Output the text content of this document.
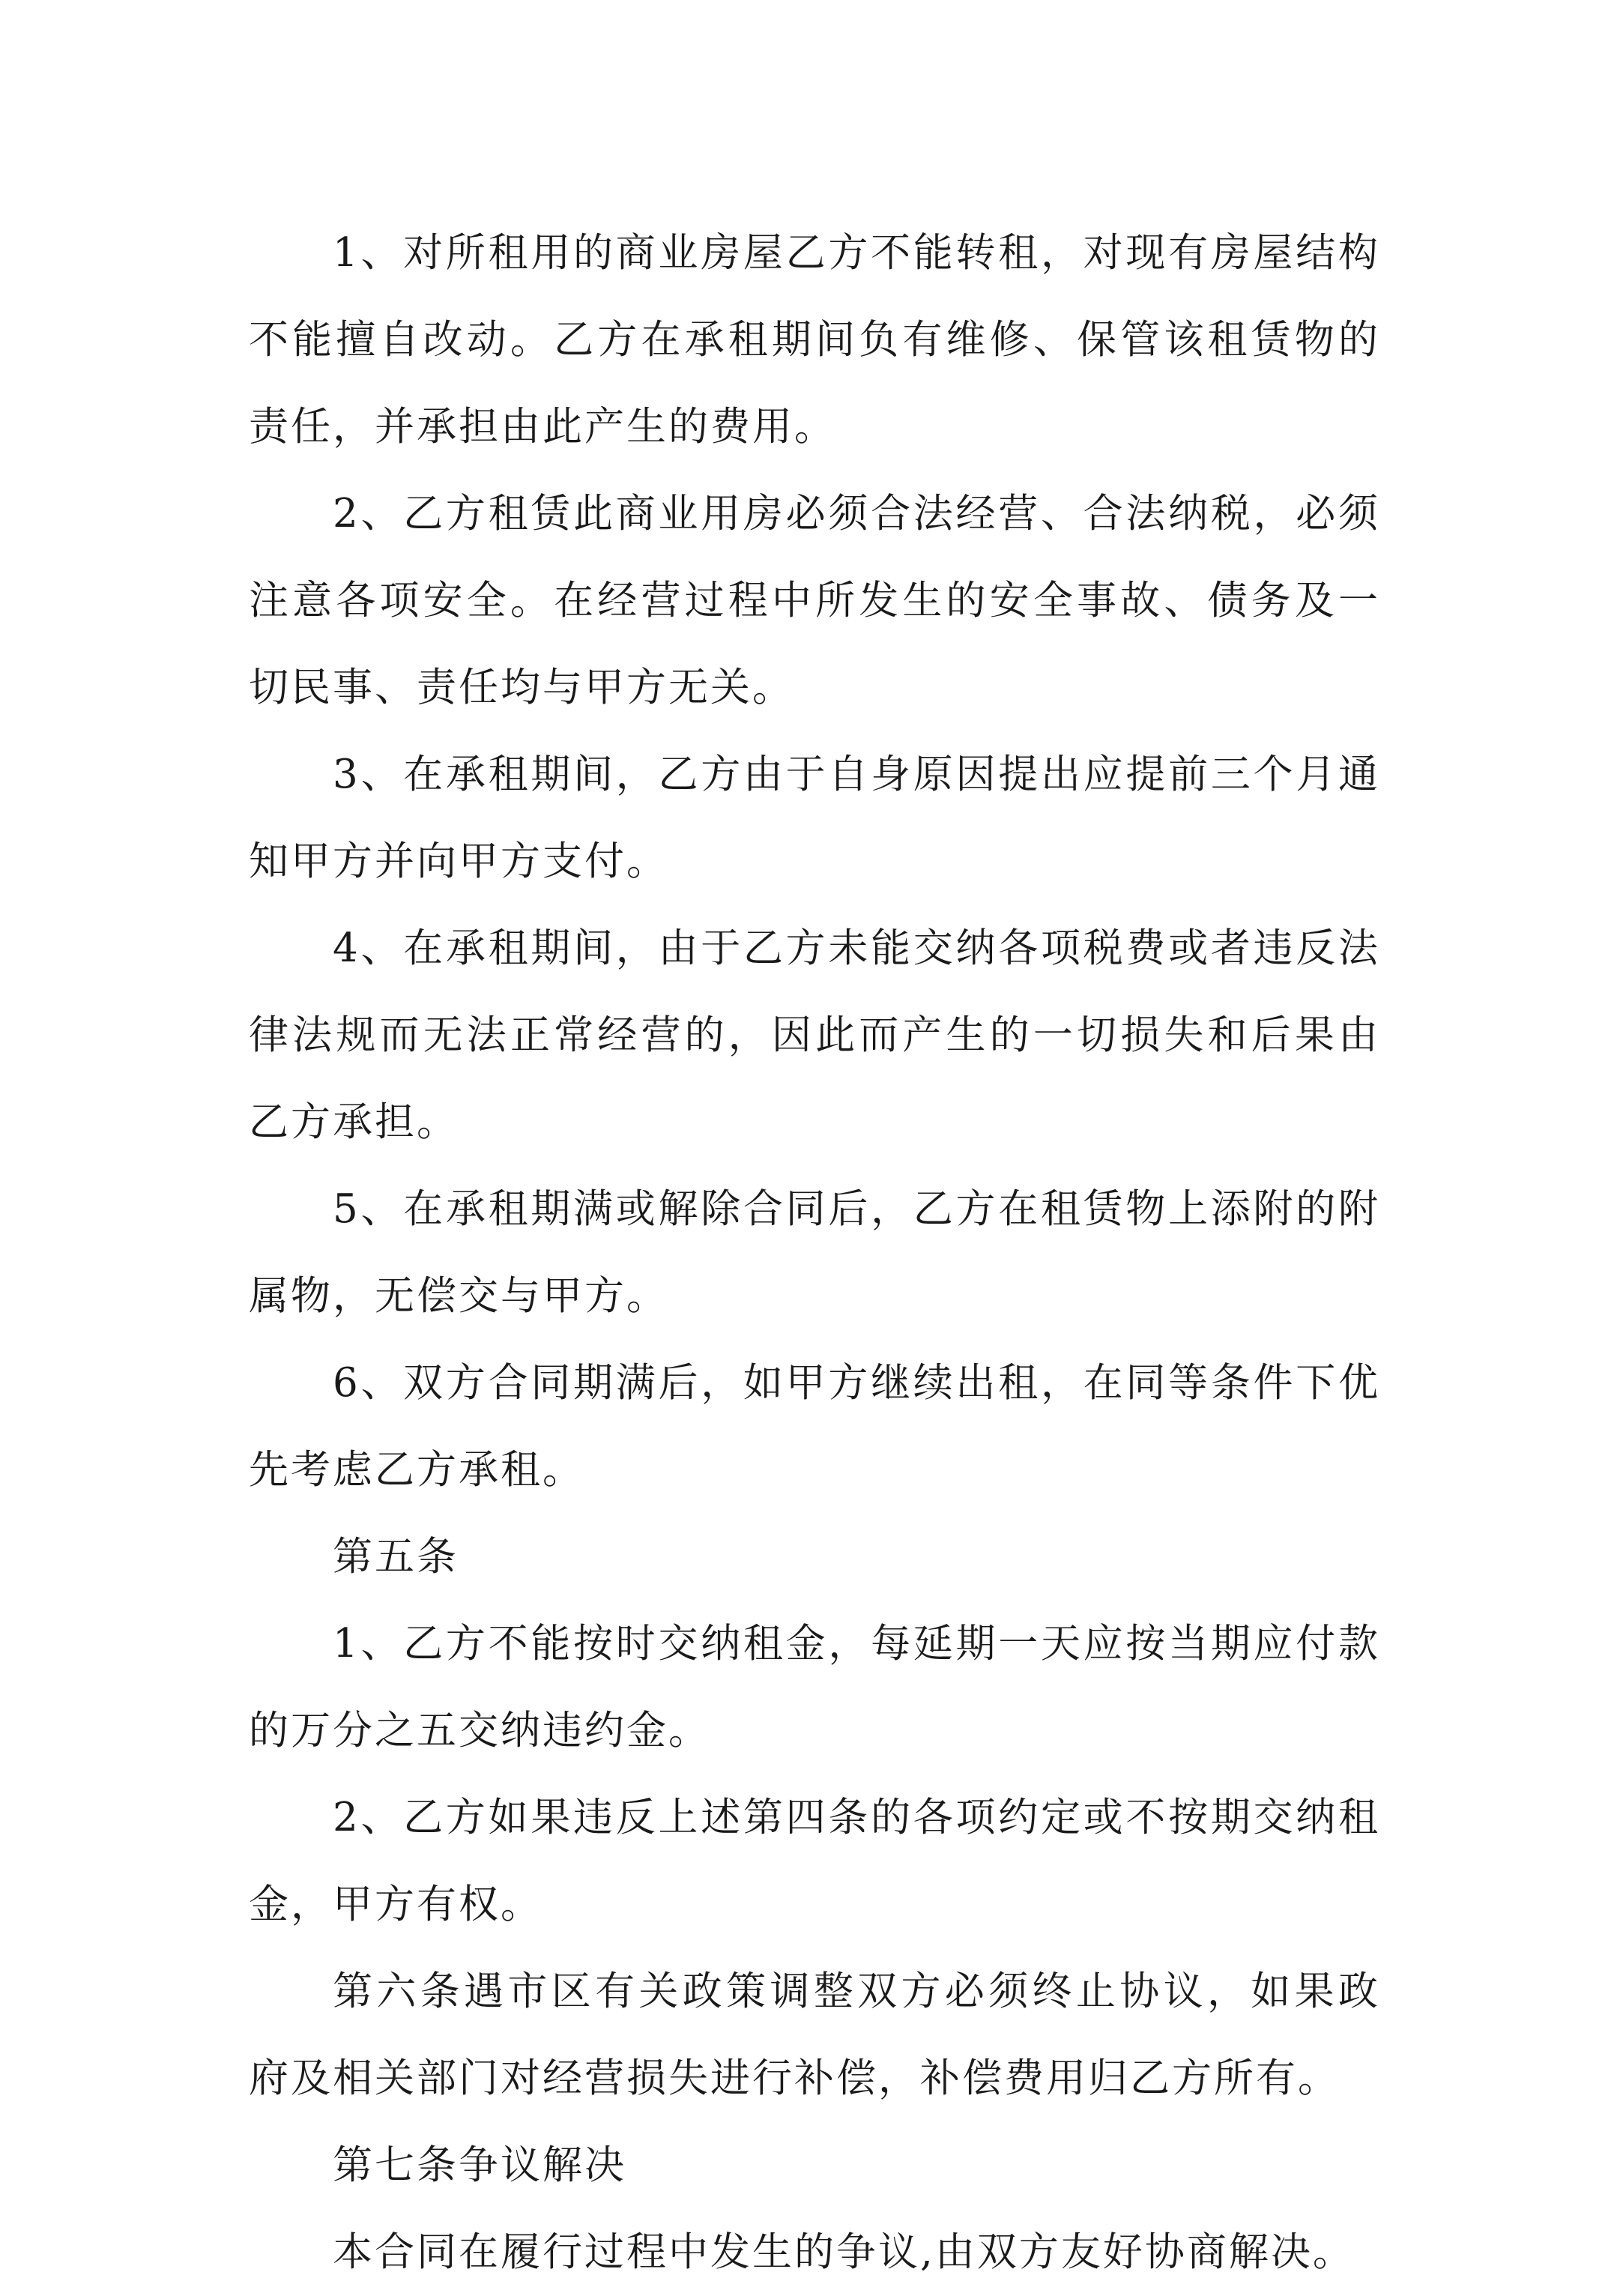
1、对所租用的商业房屋乙方不能转租，对现有房屋结构不能擅自改动。乙方在承租期间负有维修、保管该租赁物的责任，并承担由此产生的费用。

2、乙方租赁此商业用房必须合法经营、合法纳税，必须注意各项安全。在经营过程中所发生的安全事故、债务及一切民事、责任均与甲方无关。

3、在承租期间，乙方由于自身原因提出应提前三个月通知甲方并向甲方支付。

4、在承租期间，由于乙方未能交纳各项税费或者违反法律法规而无法正常经营的，因此而产生的一切损失和后果由乙方承担。

5、在承租期满或解除合同后，乙方在租赁物上添附的附属物，无偿交与甲方。

6、双方合同期满后，如甲方继续出租，在同等条件下优先考虑乙方承租。

第五条

1、乙方不能按时交纳租金，每延期一天应按当期应付款的万分之五交纳违约金。

2、乙方如果违反上述第四条的各项约定或不按期交纳租金，甲方有权。

第六条遇市区有关政策调整双方必须终止协议，如果政府及相关部门对经营损失进行补偿，补偿费用归乙方所有。

第七条争议解决

本合同在履行过程中发生的争议,由双方友好协商解决。
